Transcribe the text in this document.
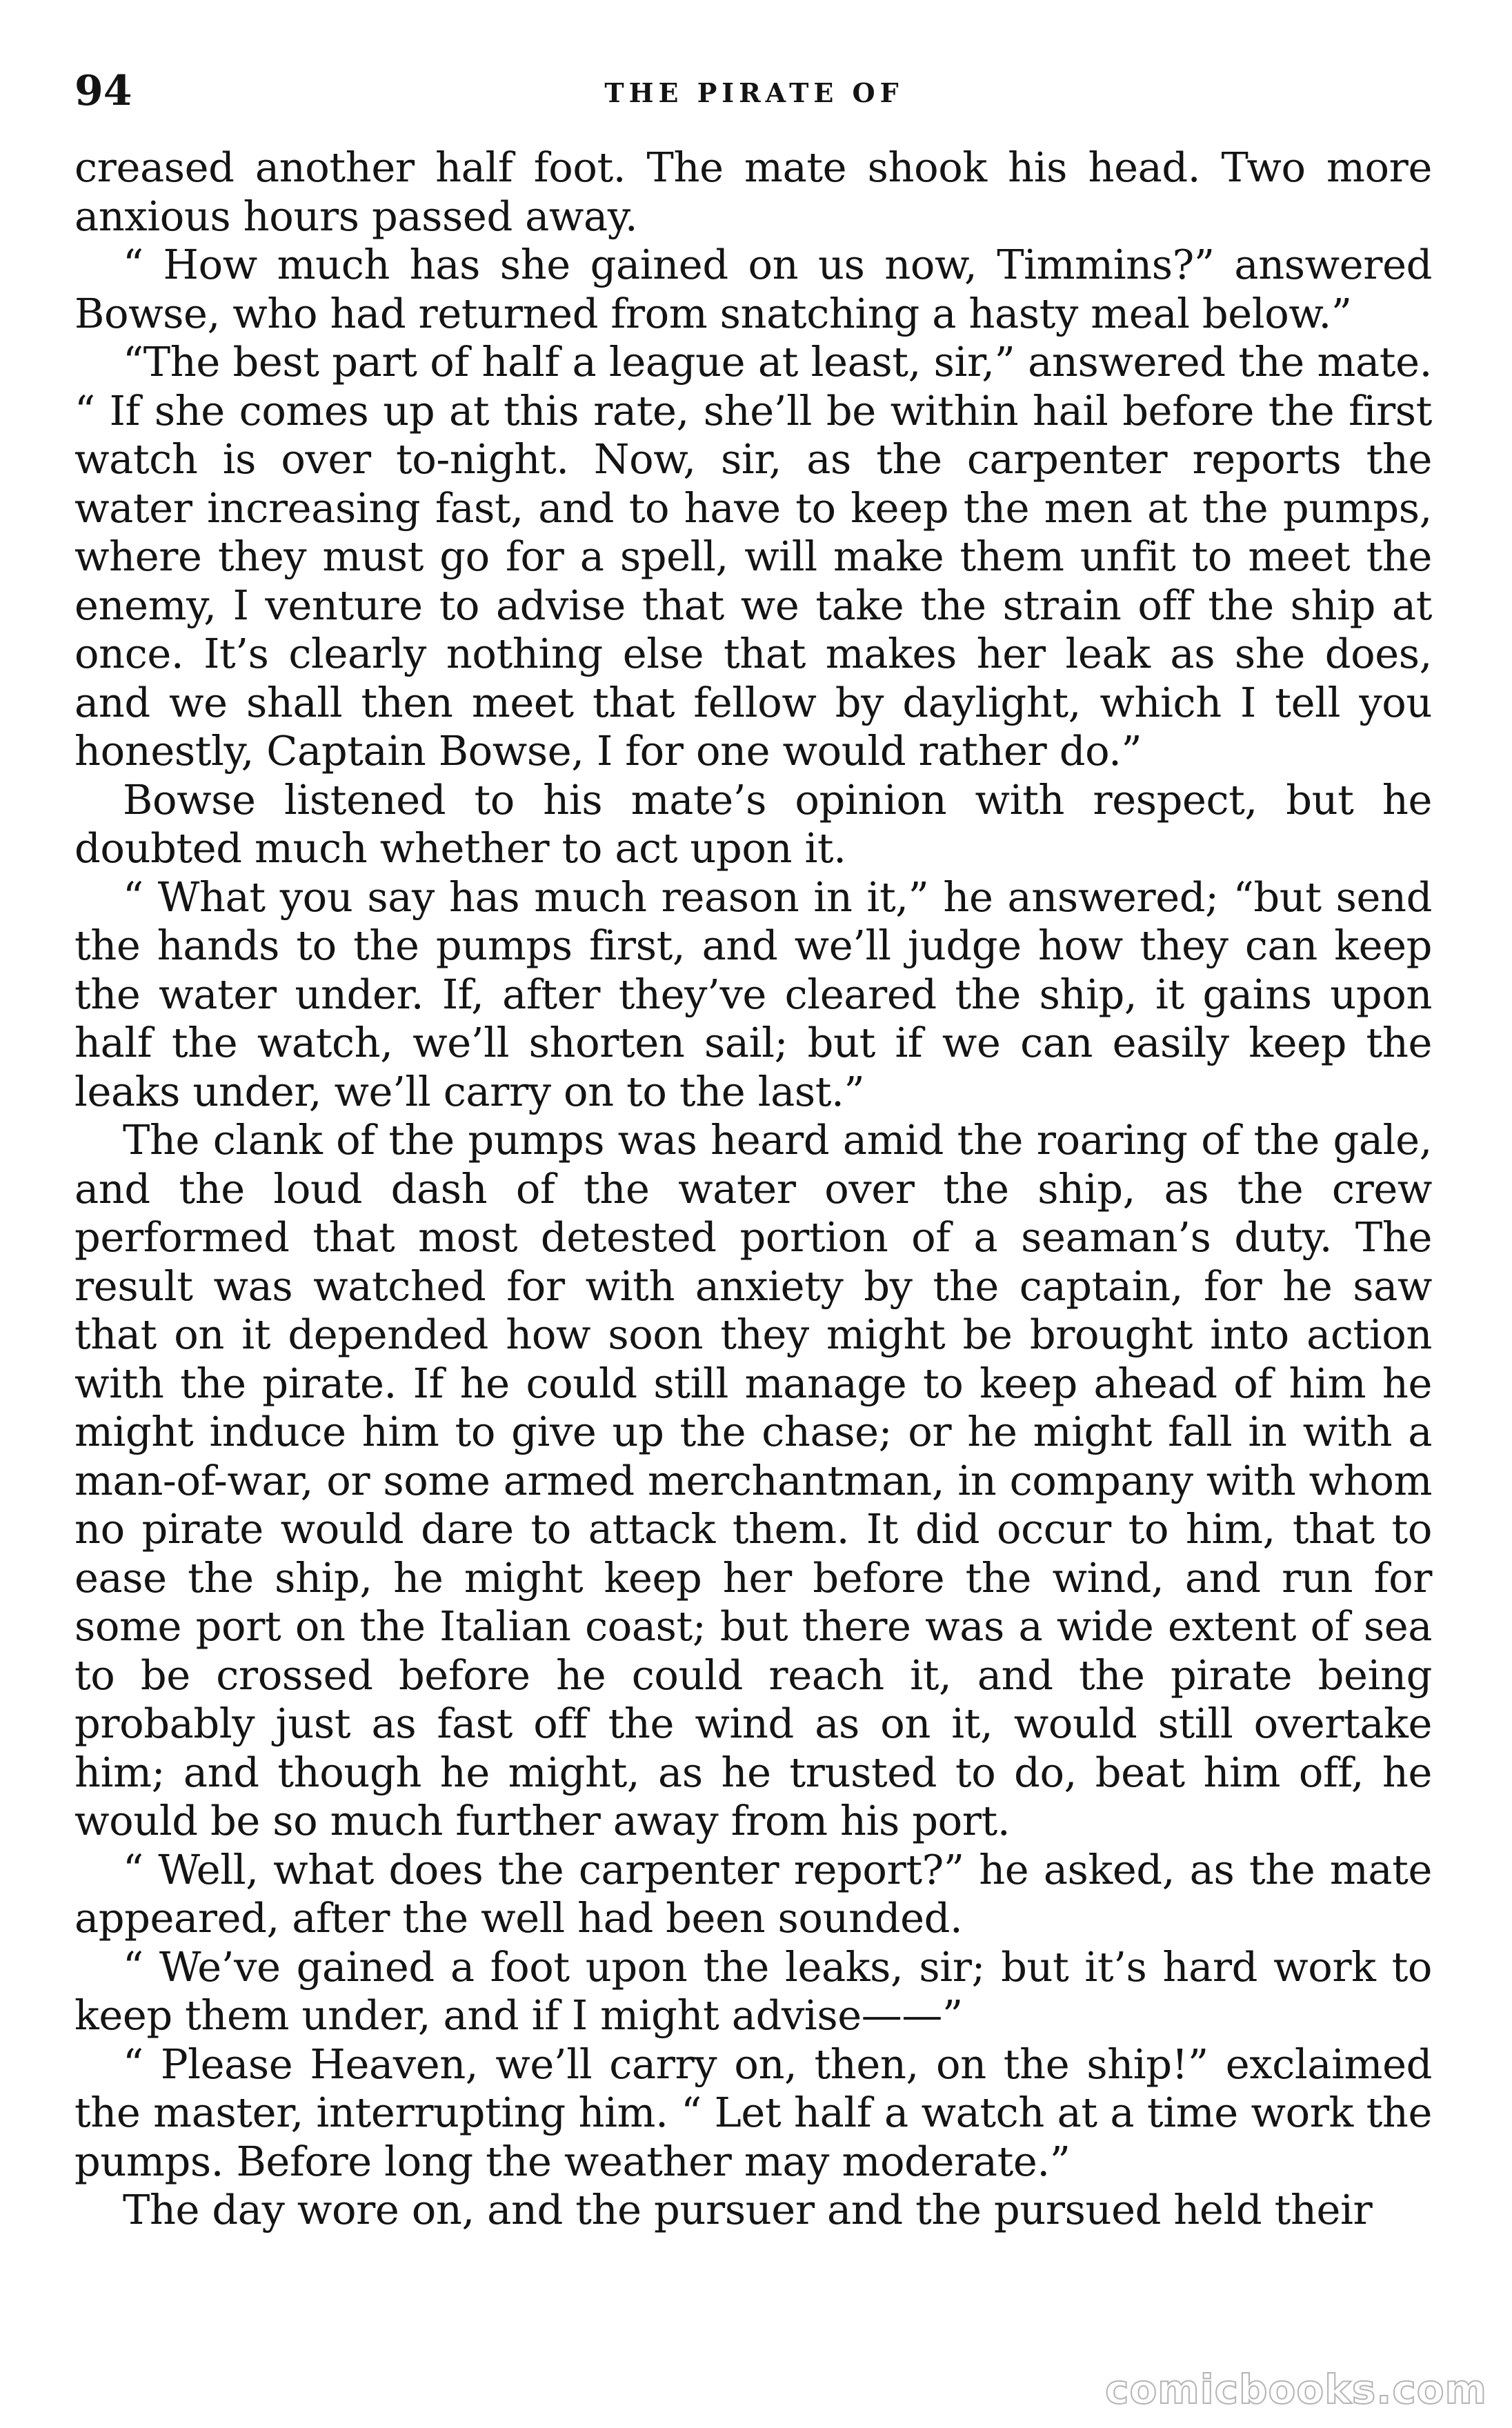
94	THE PIRATE OF

creased another half foot. The mate shook his head. Two more anxious hours passed away.

“ How much has she gained on us now, Timmins?” answered Bowse, who had returned from snatching a hasty meal below.”

“The best part of half a league at least, sir,” answered the mate. “ If she comes up at this rate, she’ll be within hail before the first watch is over to-night. Now, sir, as the carpenter reports the water increasing fast, and to have to keep the men at the pumps, where they must go for a spell, will make them unfit to meet the enemy, I venture to advise that we take the strain off the ship at once. It’s clearly nothing else that makes her leak as she does, and we shall then meet that fellow by daylight, which I tell you honestly, Captain Bowse, I for one would rather do.”

Bowse listened to his mate’s opinion with respect, but he doubted much whether to act upon it.

“ What you say has much reason in it,” he answered; “but send the hands to the pumps first, and we’ll judge how they can keep the water under. If, after they’ve cleared the ship, it gains upon half the watch, we’ll shorten sail; but if we can easily keep the leaks under, we’ll carry on to the last.”

The clank of the pumps was heard amid the roaring of the gale, and the loud dash of the water over the ship, as the crew performed that most detested portion of a seaman’s duty. The result was watched for with anxiety by the captain, for he saw that on it depended how soon they might be brought into action with the pirate. If he could still manage to keep ahead of him he might induce him to give up the chase; or he might fall in with a man-of-war, or some armed merchantman, in company with whom no pirate would dare to attack them. It did occur to him, that to ease the ship, he might keep her before the wind, and run for some port on the Italian coast; but there was a wide extent of sea to be crossed before he could reach it, and the pirate being probably just as fast off the wind as on it, would still overtake him; and though he might, as he trusted to do, beat him off, he would be so much further away from his port.

“ Well, what does the carpenter report?” he asked, as the mate appeared, after the well had been sounded.

“ We’ve gained a foot upon the leaks, sir; but it’s hard work to keep them under, and if I might advise——”

“ Please Heaven, we’ll carry on, then, on the ship!” exclaimed the master, interrupting him. “ Let half a watch at a time work the pumps. Before long the weather may moderate.”

The day wore on, and the pursuer and the pursued held their

comicbooks.com
